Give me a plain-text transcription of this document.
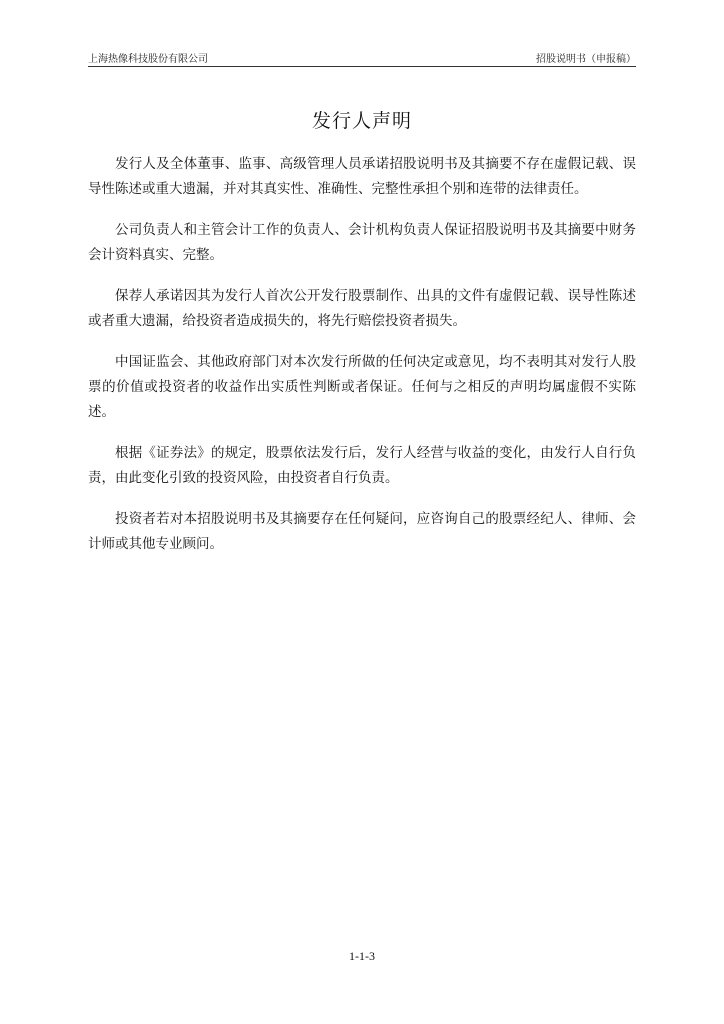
上海热像科技股份有限公司	招股说明书（申报稿）
发行人声明

发行人及全体董事、监事、高级管理人员承诺招股说明书及其摘要不存在虚假记载、误导性陈述或重大遗漏，并对其真实性、准确性、完整性承担个别和连带的法律责任。

公司负责人和主管会计工作的负责人、会计机构负责人保证招股说明书及其摘要中财务会计资料真实、完整。

保荐人承诺因其为发行人首次公开发行股票制作、出具的文件有虚假记载、误导性陈述或者重大遗漏，给投资者造成损失的，将先行赔偿投资者损失。

中国证监会、其他政府部门对本次发行所做的任何决定或意见，均不表明其对发行人股票的价值或投资者的收益作出实质性判断或者保证。任何与之相反的声明均属虚假不实陈述。

根据《证券法》的规定，股票依法发行后，发行人经营与收益的变化，由发行人自行负责，由此变化引致的投资风险，由投资者自行负责。

投资者若对本招股说明书及其摘要存在任何疑问，应咨询自己的股票经纪人、律师、会计师或其他专业顾问。

1-1-3
